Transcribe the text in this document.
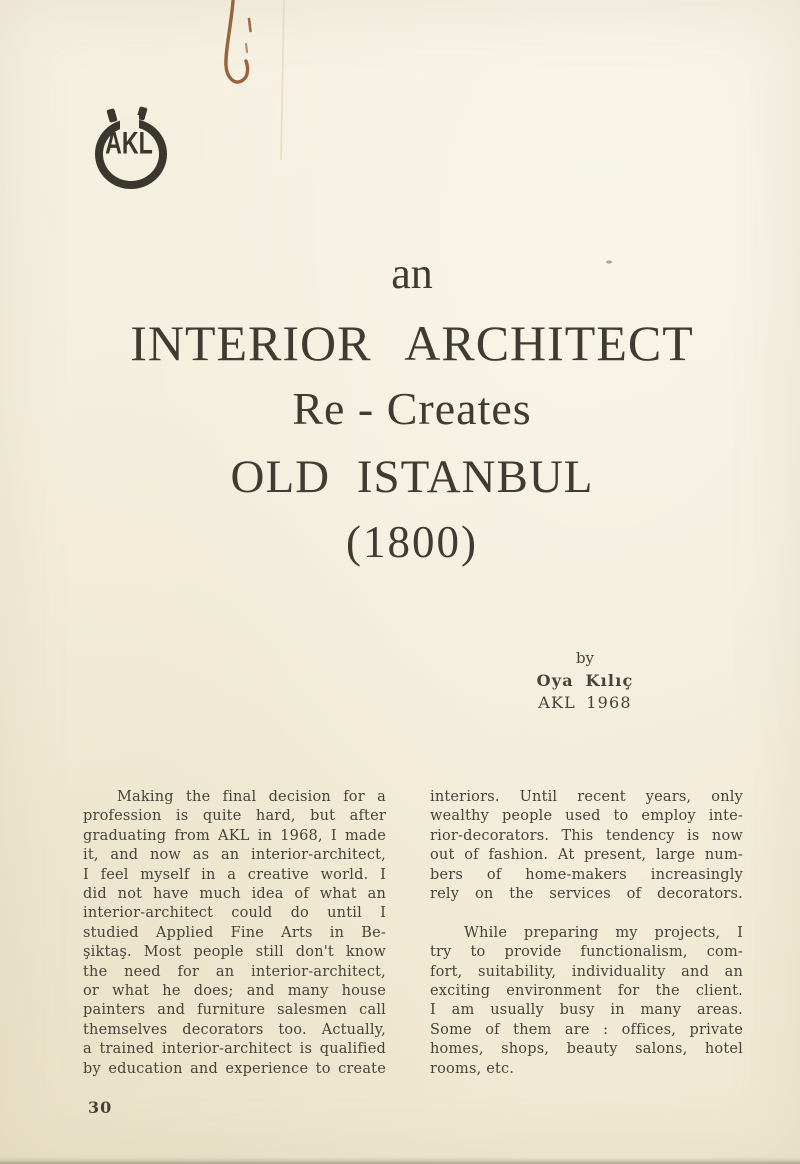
AKL
an
INTERIOR ARCHITECT
Re - Creates
OLD ISTANBUL
(1800)
by
Oya Kılıç
AKL 1968
Making the final decision for a
profession is quite hard, but after
graduating from AKL in 1968, I made
it, and now as an interior-architect,
I feel myself in a creative world. I
did not have much idea of what an
interior-architect could do until I
studied Applied Fine Arts in Be-
şiktaş. Most people still don't know
the need for an interior-architect,
or what he does; and many house
painters and furniture salesmen call
themselves decorators too. Actually,
a trained interior-architect is qualified
by education and experience to create
interiors. Until recent years, only
wealthy people used to employ inte-
rior-decorators. This tendency is now
out of fashion. At present, large num-
bers of home-makers increasingly
rely on the services of decorators.
While preparing my projects, I
try to provide functionalism, com-
fort, suitability, individuality and an
exciting environment for the client.
I am usually busy in many areas.
Some of them are : offices, private
homes, shops, beauty salons, hotel
rooms, etc.
30
